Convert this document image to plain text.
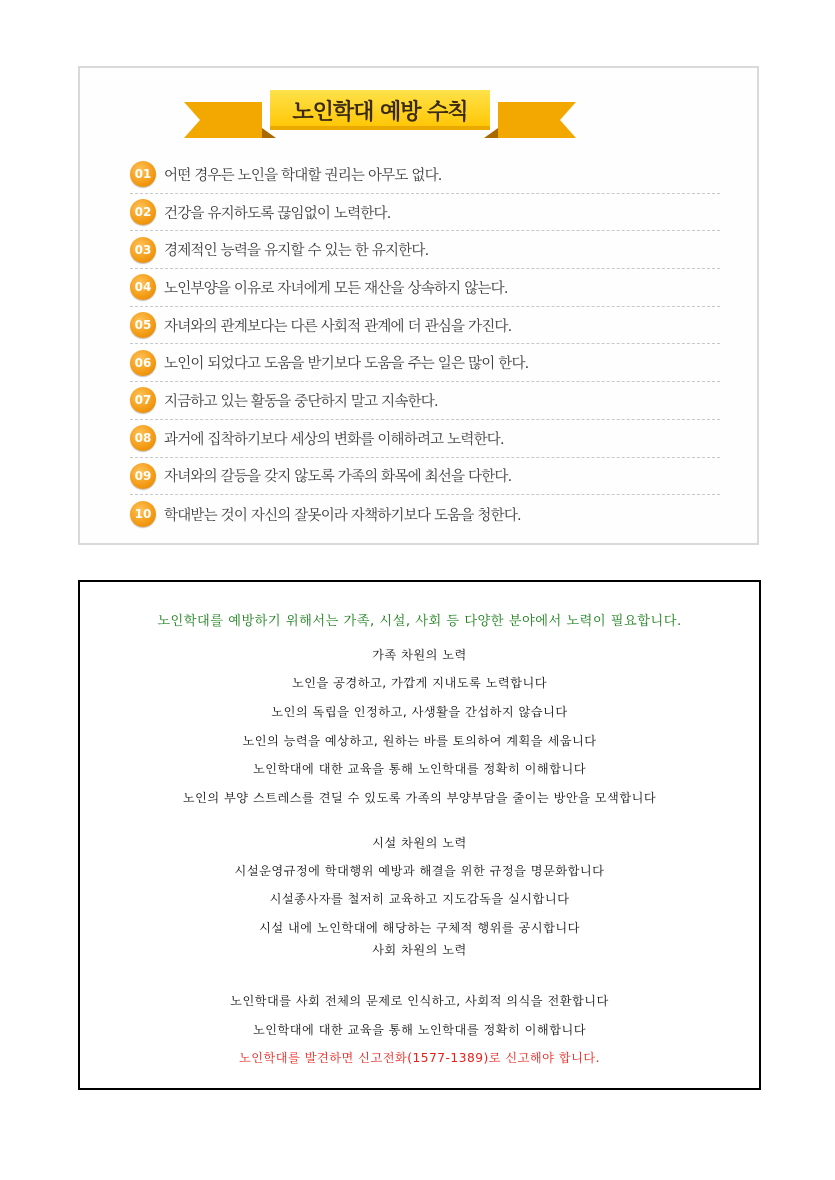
노인학대 예방 수칙
01 어떤 경우든 노인을 학대할 권리는 아무도 없다.
02 건강을 유지하도록 끊임없이 노력한다.
03 경제적인 능력을 유지할 수 있는 한 유지한다.
04 노인부양을 이유로 자녀에게 모든 재산을 상속하지 않는다.
05 자녀와의 관계보다는 다른 사회적 관계에 더 관심을 가진다.
06 노인이 되었다고 도움을 받기보다 도움을 주는 일은 많이 한다.
07 지금하고 있는 활동을 중단하지 말고 지속한다.
08 과거에 집착하기보다 세상의 변화를 이해하려고 노력한다.
09 자녀와의 갈등을 갖지 않도록 가족의 화목에 최선을 다한다.
10 학대받는 것이 자신의 잘못이라 자책하기보다 도움을 청한다.
노인학대를 예방하기 위해서는 가족, 시설, 사회 등 다양한 분야에서 노력이 필요합니다.
가족 차원의 노력
노인을 공경하고, 가깝게 지내도록 노력합니다
노인의 독립을 인정하고, 사생활을 간섭하지 않습니다
노인의 능력을 예상하고, 원하는 바를 토의하여 계획을 세웁니다
노인학대에 대한 교육을 통해 노인학대를 정확히 이해합니다
노인의 부양 스트레스를 견딜 수 있도록 가족의 부양부담을 줄이는 방안을 모색합니다
시설 차원의 노력
시설운영규정에 학대행위 예방과 해결을 위한 규정을 명문화합니다
시설종사자를 철저히 교육하고 지도감독을 실시합니다
시설 내에 노인학대에 해당하는 구체적 행위를 공시합니다
사회 차원의 노력
노인학대를 사회 전체의 문제로 인식하고, 사회적 의식을 전환합니다
노인학대에 대한 교육을 통해 노인학대를 정확히 이해합니다
노인학대를 발견하면 신고전화(1577-1389)로 신고해야 합니다.
